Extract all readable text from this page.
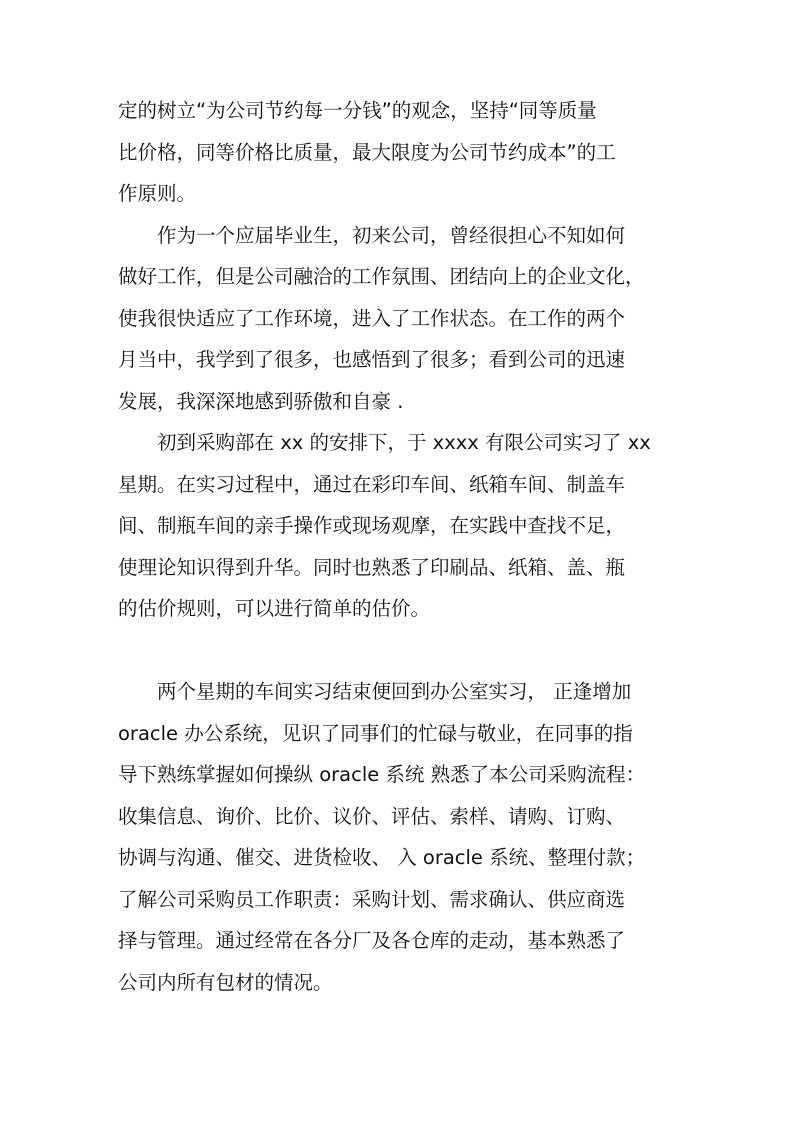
定的树立“为公司节约每一分钱”的观念，坚持“同等质量
比价格，同等价格比质量，最大限度为公司节约成本”的工
作原则。
　　作为一个应届毕业生，初来公司，曾经很担心不知如何
做好工作，但是公司融洽的工作氛围、团结向上的企业文化，
使我很快适应了工作环境，进入了工作状态。在工作的两个
月当中，我学到了很多，也感悟到了很多；看到公司的迅速
发展，我深深地感到骄傲和自豪 .
　　初到采购部在 xx 的安排下，于 xxxx 有限公司实习了 xx
星期。在实习过程中，通过在彩印车间、纸箱车间、制盖车
间、制瓶车间的亲手操作或现场观摩，在实践中查找不足，
使理论知识得到升华。同时也熟悉了印刷品、纸箱、盖、瓶
的估价规则，可以进行简单的估价。
　　两个星期的车间实习结束便回到办公室实习， 正逢增加
oracle 办公系统，见识了同事们的忙碌与敬业，在同事的指
导下熟练掌握如何操纵 oracle 系统 熟悉了本公司采购流程：
收集信息、询价、比价、议价、评估、索样、请购、订购、
协调与沟通、催交、进货检收、 入 oracle 系统、整理付款；
了解公司采购员工作职责：采购计划、需求确认、供应商选
择与管理。通过经常在各分厂及各仓库的走动，基本熟悉了
公司内所有包材的情况。
